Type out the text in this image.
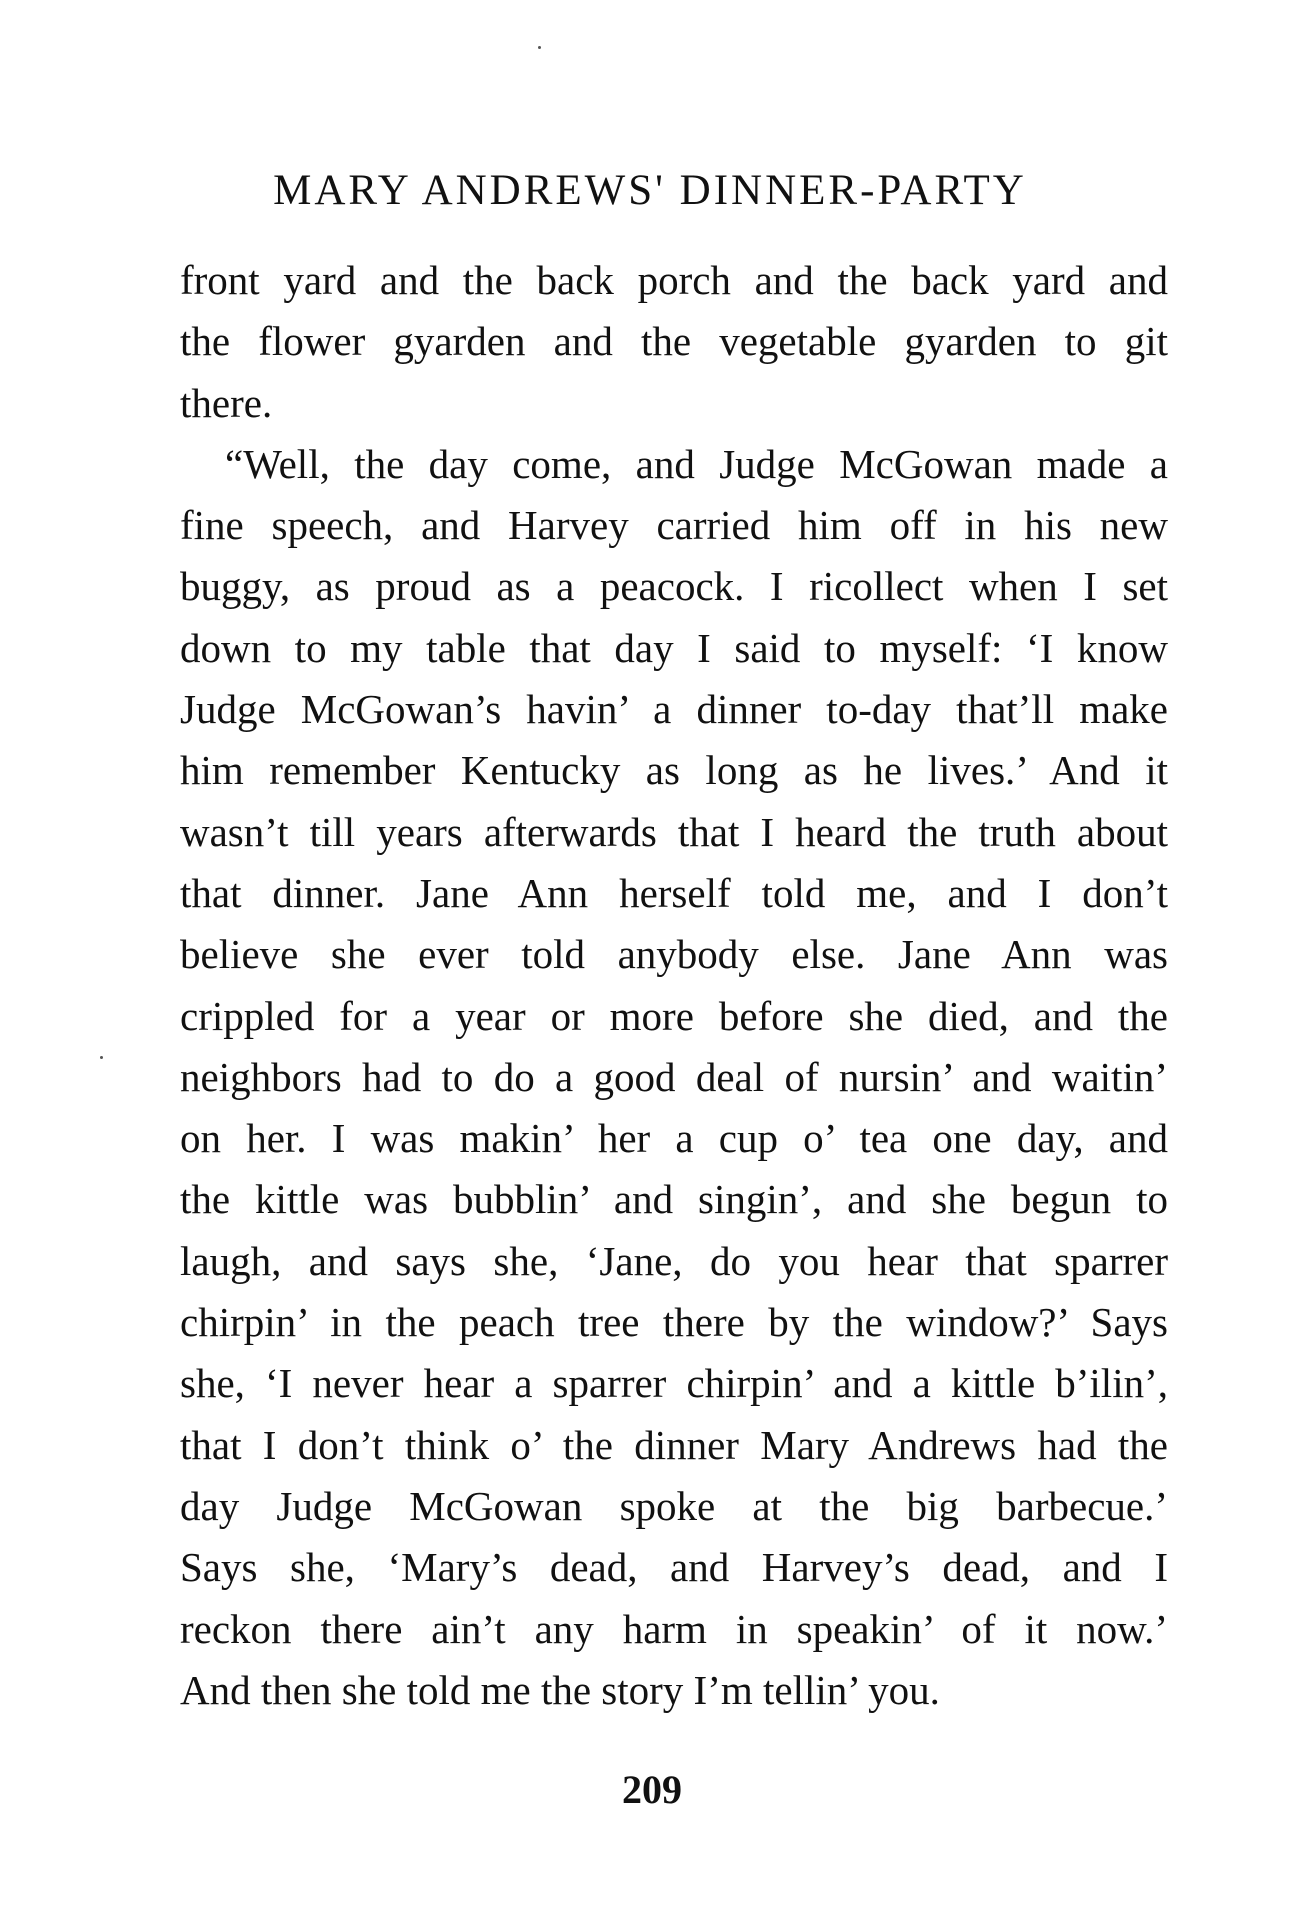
MARY ANDREWS' DINNER-PARTY
front yard and the back porch and the back yard and
the flower gyarden and the vegetable gyarden to git
there.
“Well, the day come, and Judge McGowan made a
fine speech, and Harvey carried him off in his new
buggy, as proud as a peacock. I ricollect when I set
down to my table that day I said to myself: ‘I know
Judge McGowan’s havin’ a dinner to-day that’ll make
him remember Kentucky as long as he lives.’ And it
wasn’t till years afterwards that I heard the truth about
that dinner. Jane Ann herself told me, and I don’t
believe she ever told anybody else. Jane Ann was
crippled for a year or more before she died, and the
neighbors had to do a good deal of nursin’ and waitin’
on her. I was makin’ her a cup o’ tea one day, and
the kittle was bubblin’ and singin’, and she begun to
laugh, and says she, ‘Jane, do you hear that sparrer
chirpin’ in the peach tree there by the window?’ Says
she, ‘I never hear a sparrer chirpin’ and a kittle b’ilin’,
that I don’t think o’ the dinner Mary Andrews had the
day Judge McGowan spoke at the big barbecue.’
Says she, ‘Mary’s dead, and Harvey’s dead, and I
reckon there ain’t any harm in speakin’ of it now.’
And then she told me the story I’m tellin’ you.
209
